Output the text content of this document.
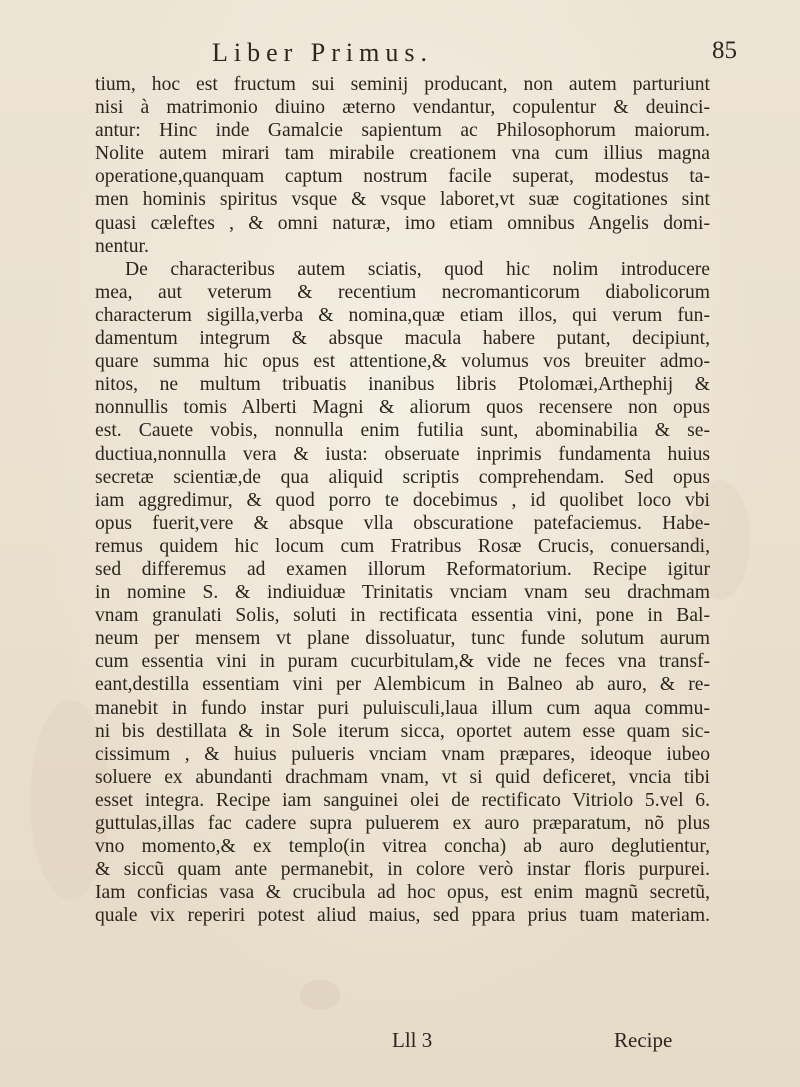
Liber Primus.	85
tium, hoc est fructum sui seminij producant, non autem parturiunt
nisi à matrimonio diuino æterno vendantur, copulentur & deuinci-
antur: Hinc inde Gamalcie sapientum ac Philosophorum maiorum.
Nolite autem mirari tam mirabile creationem vna cum illius magna
operatione,quanquam captum nostrum facile superat, modestus ta-
men hominis spiritus vsque & vsque laboret,vt suæ cogitationes sint
quasi cæleftes , & omni naturæ, imo etiam omnibus Angelis domi-
nentur.
De characteribus autem sciatis, quod hic nolim introducere
mea, aut veterum & recentium necromanticorum diabolicorum
characterum sigilla,verba & nomina,quæ etiam illos, qui verum fun-
damentum integrum & absque macula habere putant, decipiunt,
quare summa hic opus est attentione,& volumus vos breuiter admo-
nitos, ne multum tribuatis inanibus libris Ptolomæi,Arthephij &
nonnullis tomis Alberti Magni & aliorum quos recensere non opus
est. Cauete vobis, nonnulla enim futilia sunt, abominabilia & se-
ductiua,nonnulla vera & iusta: obseruate inprimis fundamenta huius
secretæ scientiæ,de qua aliquid scriptis comprehendam. Sed opus
iam aggredimur, & quod porro te docebimus , id quolibet loco vbi
opus fuerit,vere & absque vlla obscuratione patefaciemus. Habe-
remus quidem hic locum cum Fratribus Rosæ Crucis, conuersandi,
sed differemus ad examen illorum Reformatorium. Recipe igitur
in nomine S. & indiuiduæ Trinitatis vnciam vnam seu drachmam
vnam granulati Solis, soluti in rectificata essentia vini, pone in Bal-
neum per mensem vt plane dissoluatur, tunc funde solutum aurum
cum essentia vini in puram cucurbitulam,& vide ne feces vna transf-
eant,destilla essentiam vini per Alembicum in Balneo ab auro, & re-
manebit in fundo instar puri puluisculi,laua illum cum aqua commu-
ni bis destillata & in Sole iterum sicca, oportet autem esse quam sic-
cissimum , & huius pulueris vnciam vnam præpares, ideoque iubeo
soluere ex abundanti drachmam vnam, vt si quid deficeret, vncia tibi
esset integra. Recipe iam sanguinei olei de rectificato Vitriolo 5.vel 6.
guttulas,illas fac cadere supra puluerem ex auro præparatum, nõ plus
vno momento,& ex templo(in vitrea concha) ab auro deglutientur,
& siccũ quam ante permanebit, in colore verò instar floris purpurei.
Iam conficias vasa & crucibula ad hoc opus, est enim magnũ secretũ,
quale vix reperiri potest aliud maius, sed ppara prius tuam materiam.
Lll 3	Recipe
